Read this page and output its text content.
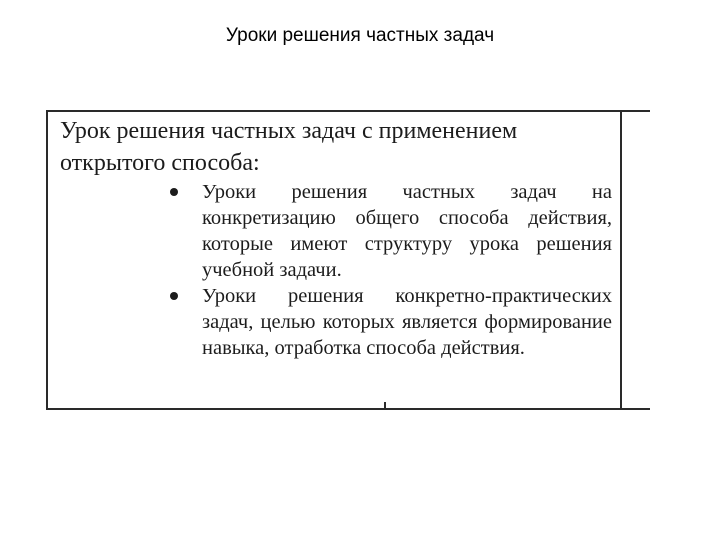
Уроки решения частных задач

Урок решения частных задач с применением

открытого способа:

Уроки решения частных задач на конкретизацию общего способа действия, которые имеют структуру урока решения учебной задачи.
Уроки решения конкретно-практических задач, целью которых является формирование навыка, отработка способа действия.
